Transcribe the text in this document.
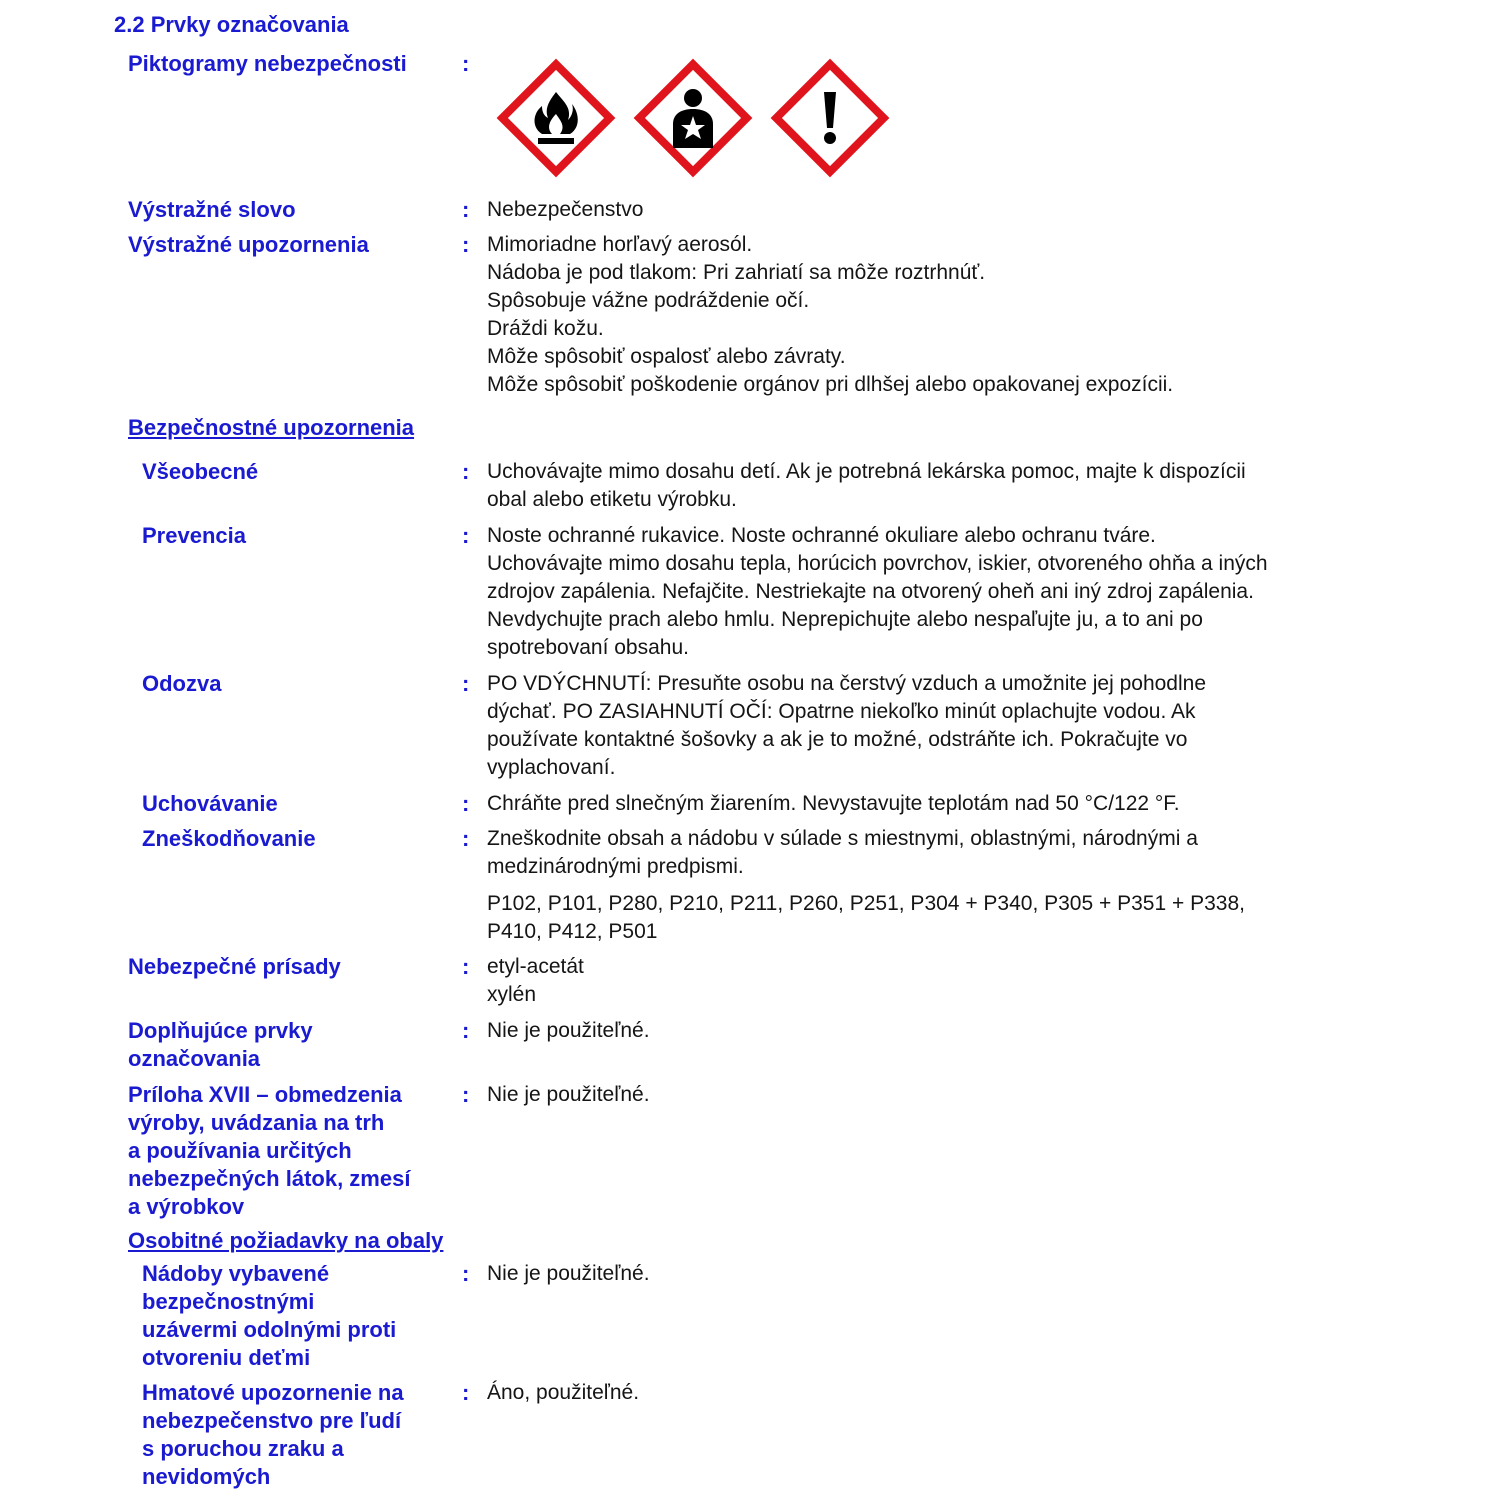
2.2 Prvky označovania
Piktogramy nebezpečnosti	:
Výstražné slovo	: Nebezpečenstvo
Výstražné upozornenia	: Mimoriadne horľavý aerosól.
Nádoba je pod tlakom: Pri zahriatí sa môže roztrhnúť.
Spôsobuje vážne podráždenie očí.
Dráždi kožu.
Môže spôsobiť ospalosť alebo závraty.
Môže spôsobiť poškodenie orgánov pri dlhšej alebo opakovanej expozícii.
Bezpečnostné upozornenia
Všeobecné	: Uchovávajte mimo dosahu detí. Ak je potrebná lekárska pomoc, majte k dispozícii
obal alebo etiketu výrobku.
Prevencia	: Noste ochranné rukavice. Noste ochranné okuliare alebo ochranu tváre.
Uchovávajte mimo dosahu tepla, horúcich povrchov, iskier, otvoreného ohňa a iných
zdrojov zapálenia. Nefajčite. Nestriekajte na otvorený oheň ani iný zdroj zapálenia.
Nevdychujte prach alebo hmlu. Neprepichujte alebo nespaľujte ju, a to ani po
spotrebovaní obsahu.
Odozva	: PO VDÝCHNUTÍ: Presuňte osobu na čerstvý vzduch a umožnite jej pohodlne
dýchať. PO ZASIAHNUTÍ OČÍ: Opatrne niekoľko minút oplachujte vodou. Ak
používate kontaktné šošovky a ak je to možné, odstráňte ich. Pokračujte vo
vyplachovaní.
Uchovávanie	: Chráňte pred slnečným žiarením. Nevystavujte teplotám nad 50 °C/122 °F.
Zneškodňovanie	: Zneškodnite obsah a nádobu v súlade s miestnymi, oblastnými, národnými a
medzinárodnými predpismi.
P102, P101, P280, P210, P211, P260, P251, P304 + P340, P305 + P351 + P338,
P410, P412, P501
Nebezpečné prísady	: etyl-acetát
xylén
Doplňujúce prvky
označovania
: Nie je použiteľné.
Príloha XVII – obmedzenia
výroby, uvádzania na trh
a používania určitých
nebezpečných látok, zmesí
a výrobkov
: Nie je použiteľné.
Osobitné požiadavky na obaly
Nádoby vybavené
bezpečnostnými
uzávermi odolnými proti
otvoreniu deťmi
: Nie je použiteľné.
Hmatové upozornenie na
nebezpečenstvo pre ľudí
s poruchou zraku a
nevidomých
: Áno, použiteľné.
